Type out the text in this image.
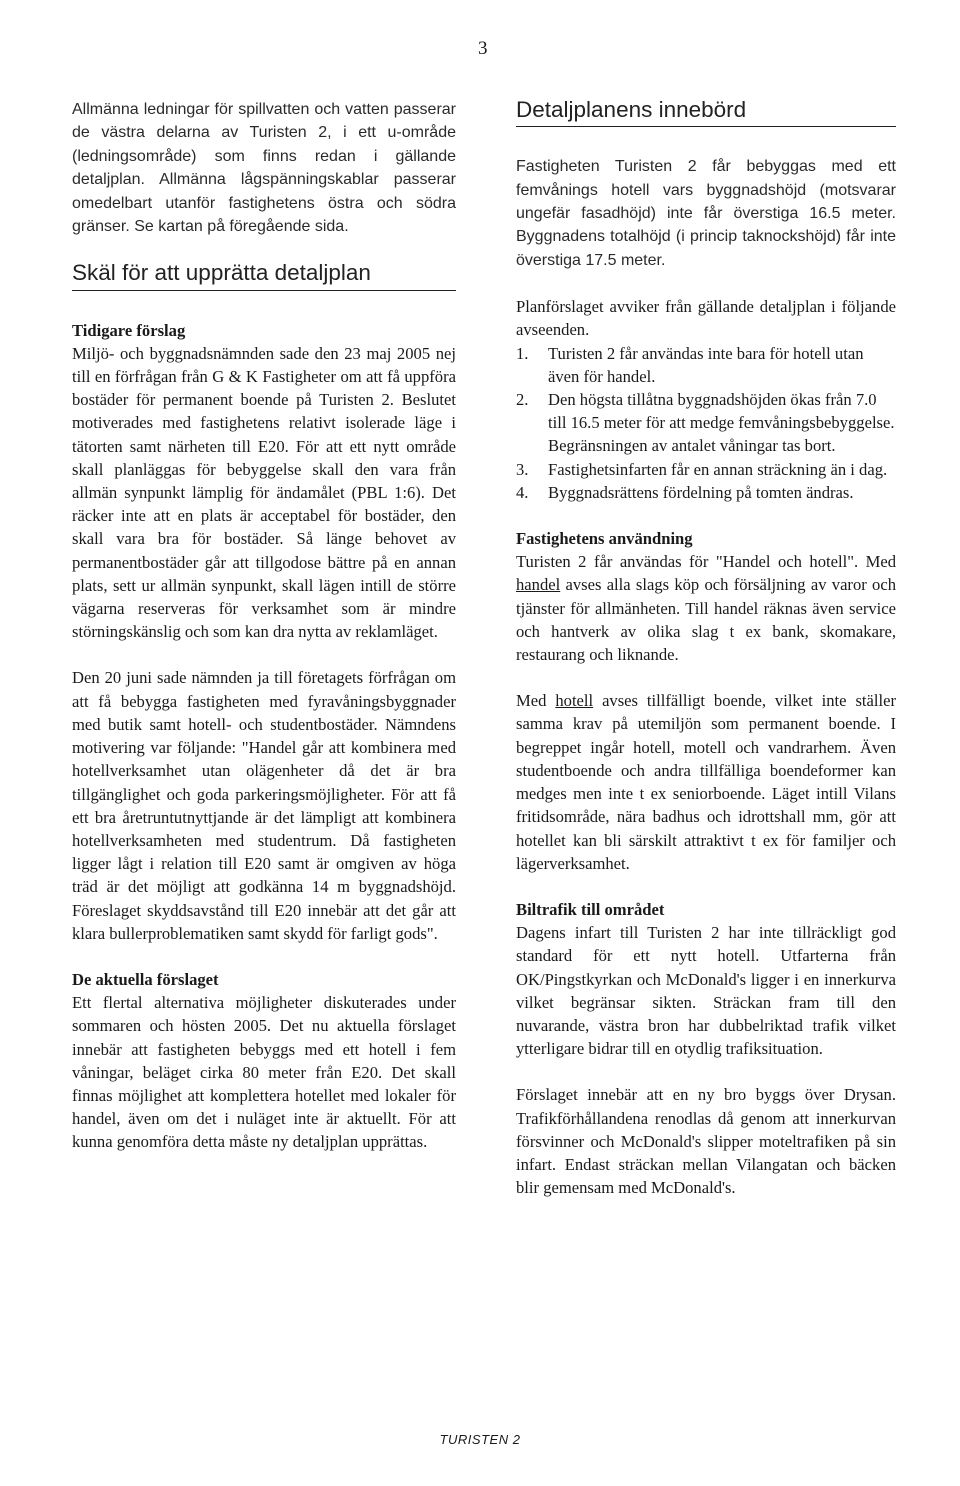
3

Allmänna ledningar för spillvatten och vatten passerar de västra delarna av Turisten 2, i ett u-område (ledningsområde) som finns redan i gällande detaljplan. Allmänna lågspänningskablar passerar omedelbart utanför fastighetens östra och södra gränser. Se kartan på föregående sida.

Skäl för att upprätta detaljplan
Tidigare förslag

Miljö- och byggnadsnämnden sade den 23 maj 2005 nej till en förfrågan från G & K Fastigheter om att få uppföra bostäder för permanent boende på Turisten 2. Beslutet motiverades med fastighetens relativt isolerade läge i tätorten samt närheten till E20. För att ett nytt område skall planläggas för bebyggelse skall den vara från allmän synpunkt lämplig för ändamålet (PBL 1:6). Det räcker inte att en plats är acceptabel för bostäder, den skall vara bra för bostäder. Så länge behovet av permanentbostäder går att tillgodose bättre på en annan plats, sett ur allmän synpunkt, skall lägen intill de större vägarna reserveras för verksamhet som är mindre störningskänslig och som kan dra nytta av reklamläget.

Den 20 juni sade nämnden ja till företagets förfrågan om att få bebygga fastigheten med fyravåningsbyggnader med butik samt hotell- och studentbostäder. Nämndens motivering var följande: "Handel går att kombinera med hotellverksamhet utan olägenheter då det är bra tillgänglighet och goda parkeringsmöjligheter. För att få ett bra åretruntutnyttjande är det lämpligt att kombinera hotellverksamheten med studentrum. Då fastigheten ligger lågt i relation till E20 samt är omgiven av höga träd är det möjligt att godkänna 14 m byggnadshöjd. Föreslaget skyddsavstånd till E20 innebär att det går att klara bullerproblematiken samt skydd för farligt gods".

De aktuella förslaget

Ett flertal alternativa möjligheter diskuterades under sommaren och hösten 2005. Det nu aktuella förslaget innebär att fastigheten bebyggs med ett hotell i fem våningar, beläget cirka 80 meter från E20. Det skall finnas möjlighet att komplettera hotellet med lokaler för handel, även om det i nuläget inte är aktuellt. För att kunna genomföra detta måste ny detaljplan upprättas.

Detaljplanens innebörd

Fastigheten Turisten 2 får bebyggas med ett femvånings hotell vars byggnadshöjd (motsvarar ungefär fasadhöjd) inte får överstiga 16.5 meter. Byggnadens totalhöjd (i princip taknockshöjd) får inte överstiga 17.5 meter.

Planförslaget avviker från gällande detaljplan i följande avseenden.

1.	Turisten 2 får användas inte bara för hotell utan även för handel.
2.	Den högsta tillåtna byggnadshöjden ökas från 7.0 till 16.5 meter för att medge femvåningsbebyggelse. Begränsningen av antalet våningar tas bort.
3.	Fastighetsinfarten får en annan sträckning än i dag.
4.	Byggnadsrättens fördelning på tomten ändras.
Fastighetens användning

Turisten 2 får användas för "Handel och hotell". Med handel avses alla slags köp och försäljning av varor och tjänster för allmänheten. Till handel räknas även service och hantverk av olika slag t ex bank, skomakare, restaurang och liknande.

Med hotell avses tillfälligt boende, vilket inte ställer samma krav på utemiljön som permanent boende. I begreppet ingår hotell, motell och vandrarhem. Även studentboende och andra tillfälliga boendeformer kan medges men inte t ex seniorboende. Läget intill Vilans fritidsområde, nära badhus och idrottshall mm, gör att hotellet kan bli särskilt attraktivt t ex för familjer och lägerverksamhet.

Biltrafik till området

Dagens infart till Turisten 2 har inte tillräckligt god standard för ett nytt hotell. Utfarterna från OK/Pingstkyrkan och McDonald's ligger i en innerkurva vilket begränsar sikten. Sträckan fram till den nuvarande, västra bron har dubbelriktad trafik vilket ytterligare bidrar till en otydlig trafiksituation.

Förslaget innebär att en ny bro byggs över Drysan. Trafikförhållandena renodlas då genom att innerkurvan försvinner och McDonald's slipper moteltrafiken på sin infart. Endast sträckan mellan Vilangatan och bäcken blir gemensam med McDonald's.

TURISTEN 2
